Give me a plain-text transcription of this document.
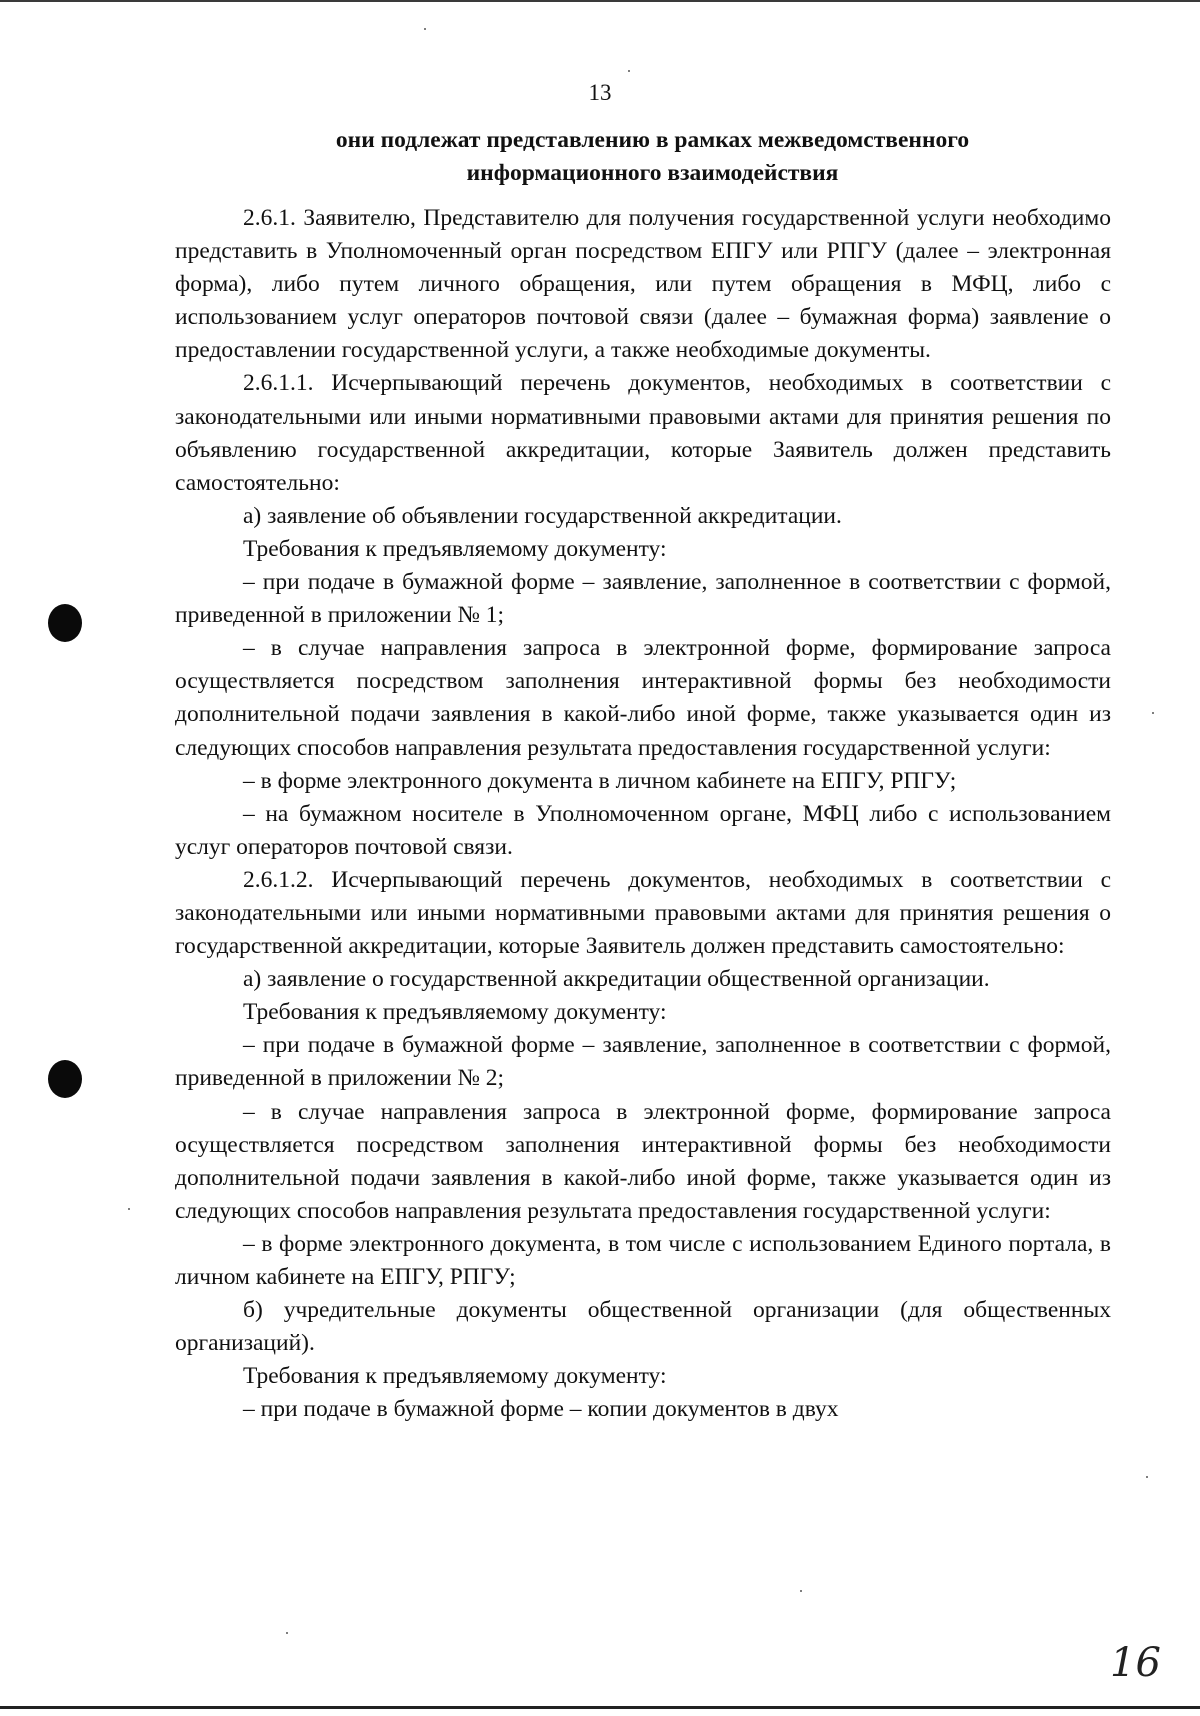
13
они подлежат представлению в рамках межведомственного
информационного взаимодействия

2.6.1. Заявителю, Представителю для получения государственной услуги необходимо представить в Уполномоченный орган посредством ЕПГУ или РПГУ (далее – электронная форма), либо путем личного обращения, или путем обращения в МФЦ, либо с использованием услуг операторов почтовой связи (далее – бумажная форма) заявление о предоставлении государственной услуги, а также необходимые документы.

2.6.1.1. Исчерпывающий перечень документов, необходимых в соответствии с законодательными или иными нормативными правовыми актами для принятия решения по объявлению государственной аккредитации, которые Заявитель должен представить самостоятельно:

а) заявление об объявлении государственной аккредитации.

Требования к предъявляемому документу:

– при подаче в бумажной форме – заявление, заполненное в соответствии с формой, приведенной в приложении № 1;

– в случае направления запроса в электронной форме, формирование запроса осуществляется посредством заполнения интерактивной формы без необходимости дополнительной подачи заявления в какой-либо иной форме, также указывается один из следующих способов направления результата предоставления государственной услуги:

– в форме электронного документа в личном кабинете на ЕПГУ, РПГУ;

– на бумажном носителе в Уполномоченном органе, МФЦ либо с использованием услуг операторов почтовой связи.

2.6.1.2. Исчерпывающий перечень документов, необходимых в соответствии с законодательными или иными нормативными правовыми актами для принятия решения о государственной аккредитации, которые Заявитель должен представить самостоятельно:

а) заявление о государственной аккредитации общественной организации.

Требования к предъявляемому документу:

– при подаче в бумажной форме – заявление, заполненное в соответствии с формой, приведенной в приложении № 2;

– в случае направления запроса в электронной форме, формирование запроса осуществляется посредством заполнения интерактивной формы без необходимости дополнительной подачи заявления в какой-либо иной форме, также указывается один из следующих способов направления результата предоставления государственной услуги:

– в форме электронного документа, в том числе с использованием Единого портала, в личном кабинете на ЕПГУ, РПГУ;

б) учредительные документы общественной организации (для общественных организаций).

Требования к предъявляемому документу:

– при подаче в бумажной форме – копии документов в двух

16
